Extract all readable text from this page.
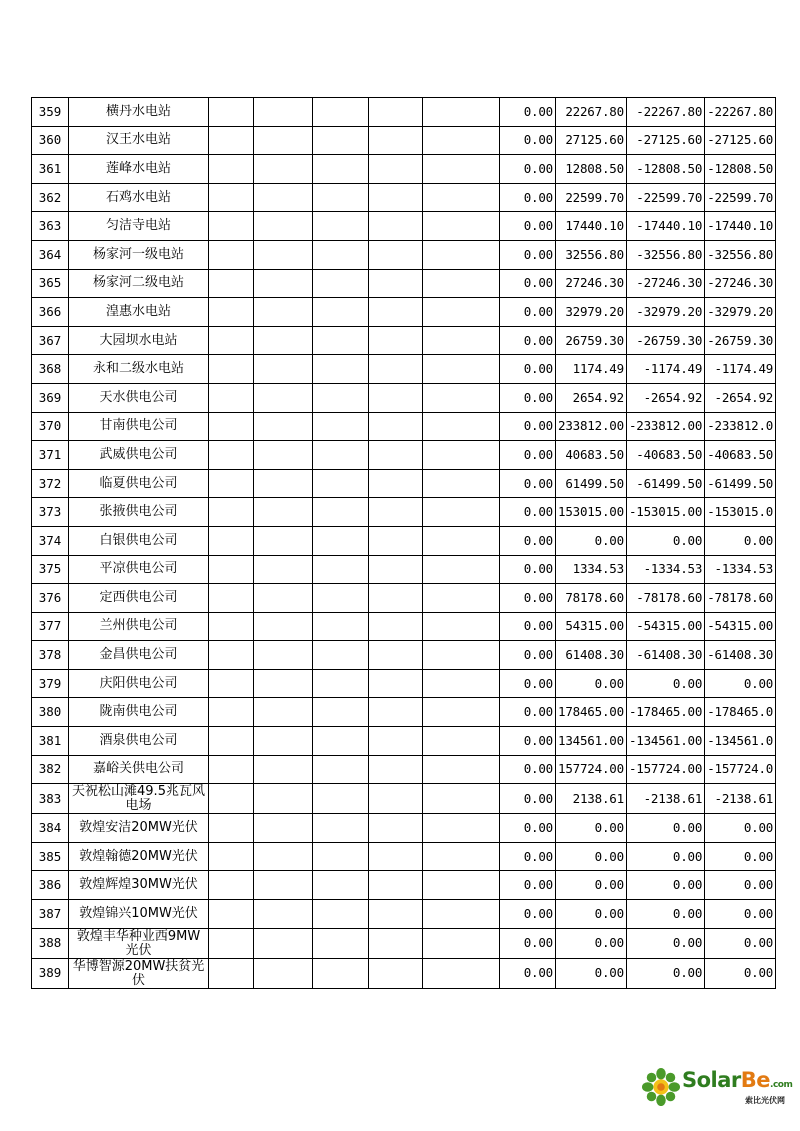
359	横丹水电站						0.00	22267.80	-22267.80	-22267.80
360	汉王水电站						0.00	27125.60	-27125.60	-27125.60
361	莲峰水电站						0.00	12808.50	-12808.50	-12808.50
362	石鸡水电站						0.00	22599.70	-22599.70	-22599.70
363	匀洁寺电站						0.00	17440.10	-17440.10	-17440.10
364	杨家河一级电站						0.00	32556.80	-32556.80	-32556.80
365	杨家河二级电站						0.00	27246.30	-27246.30	-27246.30
366	湟惠水电站						0.00	32979.20	-32979.20	-32979.20
367	大园坝水电站						0.00	26759.30	-26759.30	-26759.30
368	永和二级水电站						0.00	1174.49	-1174.49	-1174.49
369	天水供电公司						0.00	2654.92	-2654.92	-2654.92
370	甘南供电公司						0.00	233812.00	-233812.00	-233812.0
371	武威供电公司						0.00	40683.50	-40683.50	-40683.50
372	临夏供电公司						0.00	61499.50	-61499.50	-61499.50
373	张掖供电公司						0.00	153015.00	-153015.00	-153015.0
374	白银供电公司						0.00	0.00	0.00	0.00
375	平凉供电公司						0.00	1334.53	-1334.53	-1334.53
376	定西供电公司						0.00	78178.60	-78178.60	-78178.60
377	兰州供电公司						0.00	54315.00	-54315.00	-54315.00
378	金昌供电公司						0.00	61408.30	-61408.30	-61408.30
379	庆阳供电公司						0.00	0.00	0.00	0.00
380	陇南供电公司						0.00	178465.00	-178465.00	-178465.0
381	酒泉供电公司						0.00	134561.00	-134561.00	-134561.0
382	嘉峪关供电公司						0.00	157724.00	-157724.00	-157724.0
383	天祝松山滩49.5兆瓦风电场						0.00	2138.61	-2138.61	-2138.61
384	敦煌安洁20MW光伏						0.00	0.00	0.00	0.00
385	敦煌翰德20MW光伏						0.00	0.00	0.00	0.00
386	敦煌辉煌30MW光伏						0.00	0.00	0.00	0.00
387	敦煌锦兴10MW光伏						0.00	0.00	0.00	0.00
388	敦煌丰华种业西9MW光伏						0.00	0.00	0.00	0.00
389	华博智源20MW扶贫光伏						0.00	0.00	0.00	0.00
SolarBe.com
索比光伏网
